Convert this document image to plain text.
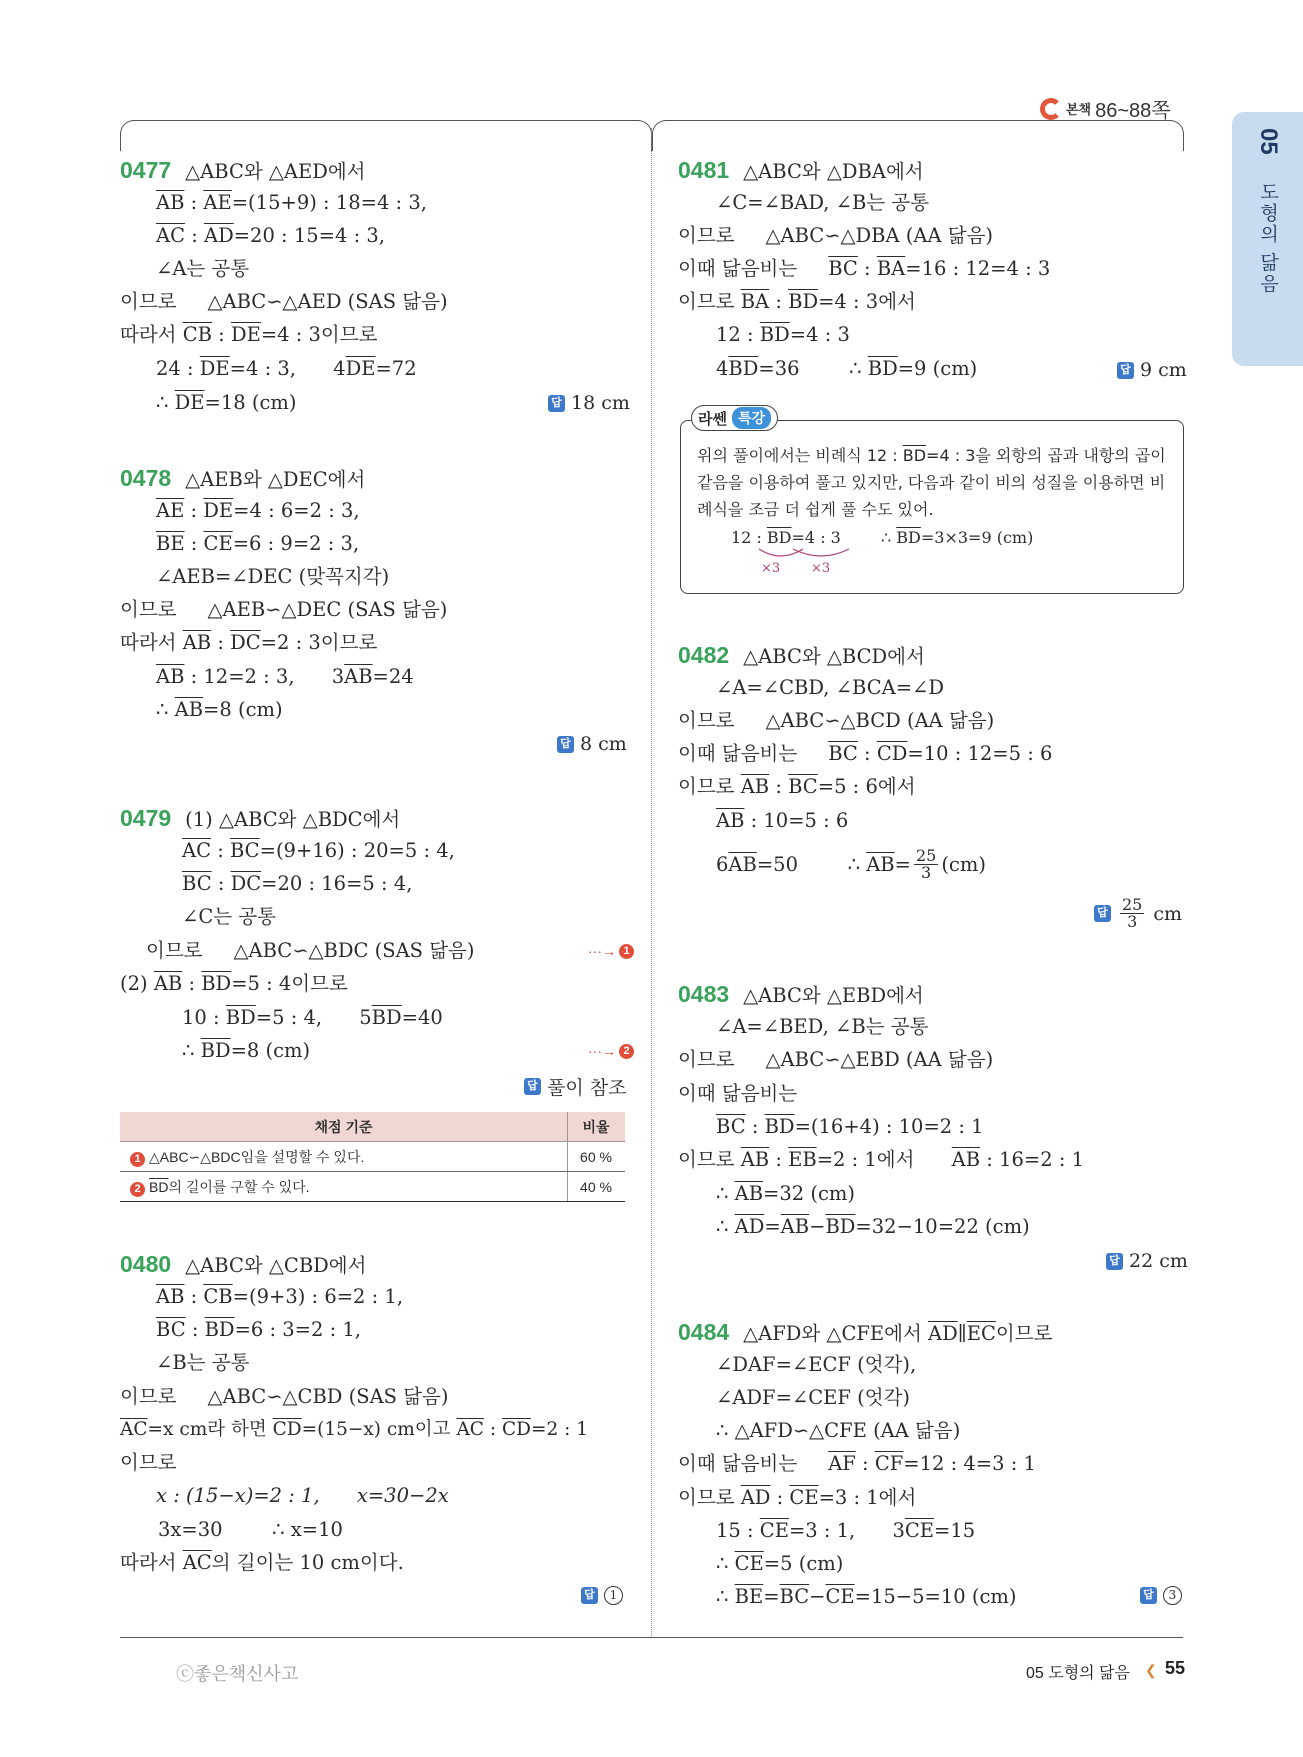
본책 86~88쪽
05
도형의 닮음
0477 △ABC와 △AED에서
$\overline{AB}$ : $\overline{AE}=(15+9)$ : 18=4 : 3,
$\overline{AC}$ : $\overline{AD}=20$ : 15=4 : 3,
∠A는 공통
이므로     △ABC∽△AED (SAS 닮음)
따라서 $\overline{CB}$ : $\overline{DE}=4$ : 3이므로
24 : $\overline{DE}=4$ : 3,      $4\overline{DE}=72$
∴ $\overline{DE}=18$ (cm)	답 18 cm
0478 △AEB와 △DEC에서
$\overline{AE}$ : $\overline{DE}=4$ : 6=2 : 3,
$\overline{BE}$ : $\overline{CE}=6$ : 9=2 : 3,
∠AEB=∠DEC (맞꼭지각)
이므로     △AEB∽△DEC (SAS 닮음)
따라서 $\overline{AB}$ : $\overline{DC}=2$ : 3이므로
$\overline{AB}$ : 12=2 : 3,      $3\overline{AB}=24$
∴ $\overline{AB}=8$ (cm)
답 8 cm
0479 (1) △ABC와 △BDC에서
$\overline{AC}$ : $\overline{BC}=(9+16)$ : 20=5 : 4,
$\overline{BC}$ : $\overline{DC}=20$ : 16=5 : 4,
∠C는 공통
이므로     △ABC∽△BDC (SAS 닮음)	···→ 1
(2) $\overline{AB}$ : $\overline{BD}=5$ : 4이므로
10 : $\overline{BD}=5$ : 4,      $5\overline{BD}=40$
∴ $\overline{BD}=8$ (cm)	···→ 2
답 풀이 참조
채점 기준	비율
1 △ABC∽△BDC임을 설명할 수 있다.	60 %
2 $\overline{BD}$의 길이를 구할 수 있다.	40 %
0480 △ABC와 △CBD에서
$\overline{AB}$ : $\overline{CB}=(9+3)$ : 6=2 : 1,
$\overline{BC}$ : $\overline{BD}=6$ : 3=2 : 1,
∠B는 공통
이므로     △ABC∽△CBD (SAS 닮음)
$\overline{AC}=x$ cm라 하면 $\overline{CD}=(15-x)$ cm이고 $\overline{AC}$ : $\overline{CD}=2$ : 1
이므로
x : (15−x)=2 : 1,      x=30−2x
3x=30        ∴ x=10
따라서 $\overline{AC}$의 길이는 10 cm이다.
답	1
0481 △ABC와 △DBA에서
∠C=∠BAD, ∠B는 공통
이므로     △ABC∽△DBA (AA 닮음)
이때 닮음비는     $\overline{BC}$ : $\overline{BA}=16$ : 12=4 : 3
이므로 $\overline{BA}$ : $\overline{BD}=4$ : 3에서
12 : $\overline{BD}=4$ : 3
$4\overline{BD}=36$        ∴ $\overline{BD}=9$ (cm)	답 9 cm
라쎈 특강
위의 풀이에서는 비례식 12 : $\overline{BD}=4$ : 3을 외항의 곱과 내항의 곱이
같음을 이용하여 풀고 있지만, 다음과 같이 비의 성질을 이용하면 비
례식을 조금 더 쉽게 풀 수도 있어.
12 : $\overline{BD}=4$ : 3	∴ $\overline{BD}=3\times 3=9$ (cm)
×3 ×3
0482 △ABC와 △BCD에서
∠A=∠CBD, ∠BCA=∠D
이므로     △ABC∽△BCD (AA 닮음)
이때 닮음비는     $\overline{BC}$ : $\overline{CD}=10$ : 12=5 : 6
이므로 $\overline{AB}$ : $\overline{BC}=5$ : 6에서
$\overline{AB}$ : 10=5 : 6
6 $\overline{AB} =50$        ∴ $\overline{AB} = \frac{25}{3} (cm)$
답 $\frac{25}{3}$ cm
0483 △ABC와 △EBD에서
∠A=∠BED, ∠B는 공통
이므로     △ABC∽△EBD (AA 닮음)
이때 닮음비는
$\overline{BC}$ : $\overline{BD}=(16+4)$ : 10=2 : 1
이므로 $\overline{AB}$ : $\overline{EB}=2$ : 1에서      $\overline{AB}$ : 16=2 : 1
∴ $\overline{AB}=32$ (cm)
∴ $\overline{AD}=\overline{AB}-\overline{BD}=32-10=22$ (cm)
답 22 cm
0484 △AFD와 △CFE에서 $\overline{AD}\parallel\overline{EC}$이므로
∠DAF=∠ECF (엇각),
∠ADF=∠CEF (엇각)
∴ △AFD∽△CFE (AA 닮음)
이때 닮음비는     $\overline{AF}$ : $\overline{CF}=12$ : 4=3 : 1
이므로 $\overline{AD}$ : $\overline{CE}=3$ : 1에서
15 : $\overline{CE}=3$ : 1,      $3\overline{CE}=15$
∴ $\overline{CE}=5$ (cm)
∴ $\overline{BE}=\overline{BC}-\overline{CE}=15-5=10$ (cm)	답	3
ⓒ좋은책신사고	05 도형의 닮음 ❮ 55
